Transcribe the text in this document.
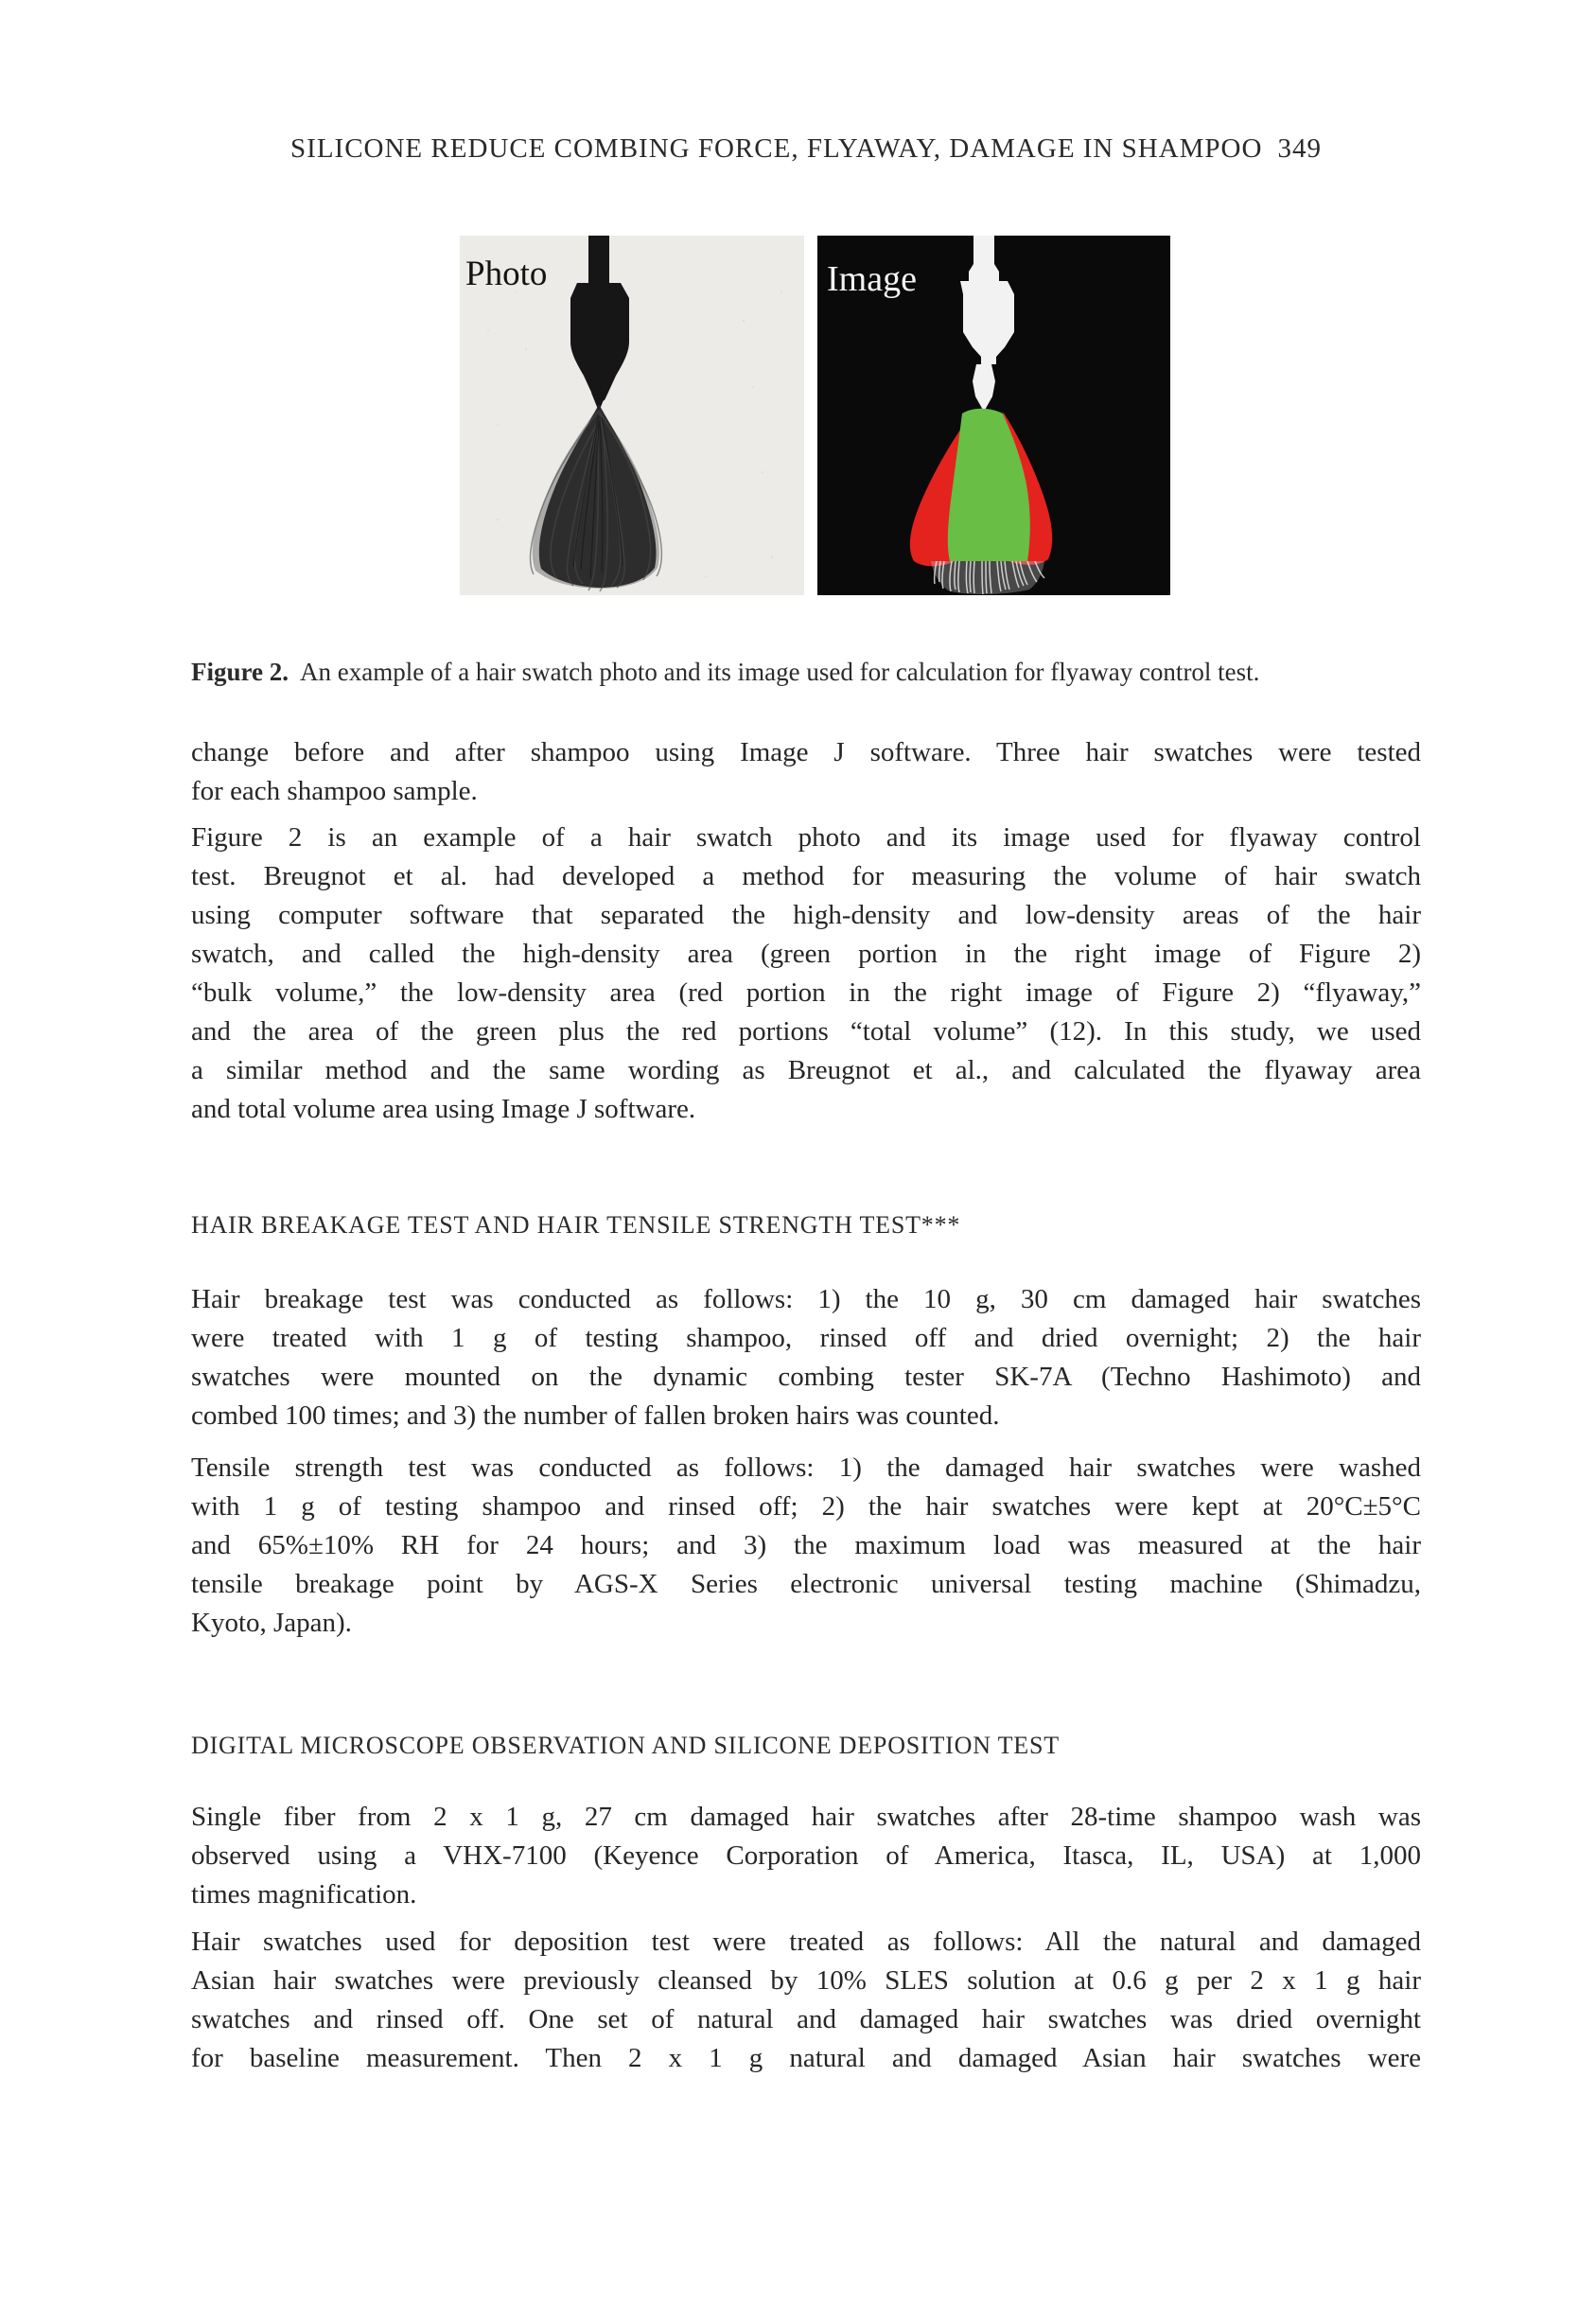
SILICONE REDUCE COMBING FORCE, FLYAWAY, DAMAGE IN SHAMPOO 349
Photo	Image
Figure 2. An example of a hair swatch photo and its image used for calculation for flyaway control test.
change before and after shampoo using Image J software. Three hair swatches were tested
for each shampoo sample.
Figure 2 is an example of a hair swatch photo and its image used for flyaway control
test. Breugnot et al. had developed a method for measuring the volume of hair swatch
using computer software that separated the high-density and low-density areas of the hair
swatch, and called the high-density area (green portion in the right image of Figure 2)
“bulk volume,” the low-density area (red portion in the right image of Figure 2) “flyaway,”
and the area of the green plus the red portions “total volume” (12). In this study, we used
a similar method and the same wording as Breugnot et al., and calculated the flyaway area
and total volume area using Image J software.
HAIR BREAKAGE TEST AND HAIR TENSILE STRENGTH TEST***
Hair breakage test was conducted as follows: 1) the 10 g, 30 cm damaged hair swatches
were treated with 1 g of testing shampoo, rinsed off and dried overnight; 2) the hair
swatches were mounted on the dynamic combing tester SK-7A (Techno Hashimoto) and
combed 100 times; and 3) the number of fallen broken hairs was counted.
Tensile strength test was conducted as follows: 1) the damaged hair swatches were washed
with 1 g of testing shampoo and rinsed off; 2) the hair swatches were kept at 20°C±5°C
and 65%±10% RH for 24 hours; and 3) the maximum load was measured at the hair
tensile breakage point by AGS-X Series electronic universal testing machine (Shimadzu,
Kyoto, Japan).
DIGITAL MICROSCOPE OBSERVATION AND SILICONE DEPOSITION TEST
Single fiber from 2 x 1 g, 27 cm damaged hair swatches after 28-time shampoo wash was
observed using a VHX-7100 (Keyence Corporation of America, Itasca, IL, USA) at 1,000
times magnification.
Hair swatches used for deposition test were treated as follows: All the natural and damaged
Asian hair swatches were previously cleansed by 10% SLES solution at 0.6 g per 2 x 1 g hair
swatches and rinsed off. One set of natural and damaged hair swatches was dried overnight
for baseline measurement. Then 2 x 1 g natural and damaged Asian hair swatches were
